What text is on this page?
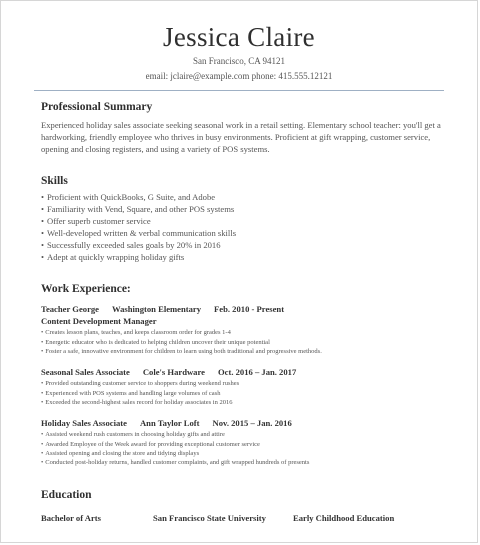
Jessica Claire
San Francisco, CA 94121
email: jclaire@example.com phone: 415.555.12121
Professional Summary
Experienced holiday sales associate seeking seasonal work in a retail setting. Elementary school teacher: you'll get a hardworking, friendly employee who thrives in busy environments. Proficient at gift wrapping, customer service, opening and closing registers, and using a variety of POS systems.
Skills
• Proficient with QuickBooks, G Suite, and Adobe
• Familiarity with Vend, Square, and other POS systems
• Offer superb customer service
• Well-developed written & verbal communication skills
• Successfully exceeded sales goals by 20% in 2016
• Adept at quickly wrapping holiday gifts
Work Experience:
Teacher George Washington Elementary Feb. 2010 - Present
Content Development Manager
• Creates lesson plans, teaches, and keeps classroom order for grades 1-4
• Energetic educator who is dedicated to helping children uncover their unique potential
• Foster a safe, innovative environment for children to learn using both traditional and progressive methods.
Seasonal Sales Associate Cole's Hardware Oct. 2016 – Jan. 2017
• Provided outstanding customer service to shoppers during weekend rushes
• Experienced with POS systems and handling large volumes of cash
• Exceeded the second-highest sales record for holiday associates in 2016
Holiday Sales Associate Ann Taylor Loft Nov. 2015 – Jan. 2016
• Assisted weekend rush customers in choosing holiday gifts and attire
• Awarded Employee of the Week award for providing exceptional customer service
• Assisted opening and closing the store and tidying displays
• Conducted post-holiday returns, handled customer complaints, and gift wrapped hundreds of presents
Education
Bachelor of Arts	San Francisco State University	Early Childhood Education
